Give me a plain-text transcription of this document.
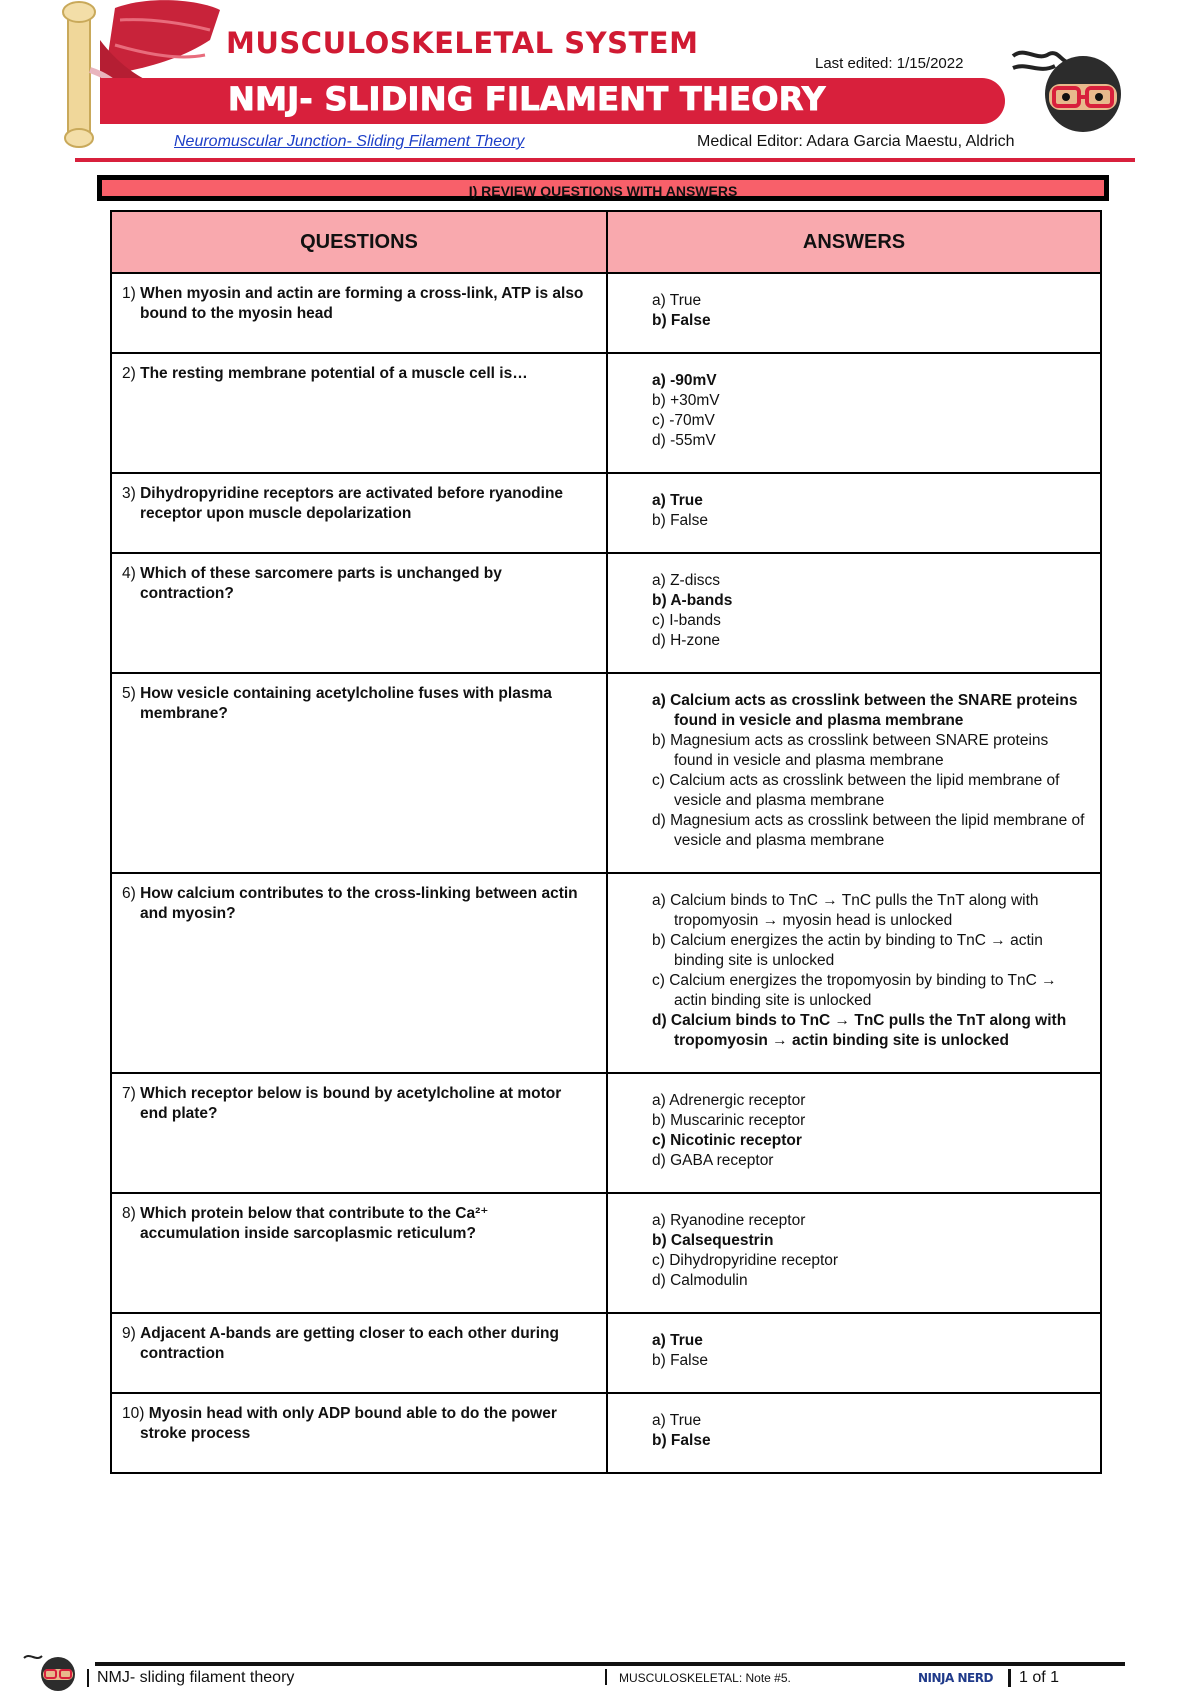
MUSCULOSKELETAL SYSTEM
Last edited: 1/15/2022
NMJ- SLIDING FILAMENT THEORY
Neuromuscular Junction- Sliding Filament Theory	Medical Editor: Adara Garcia Maestu, Aldrich
I) REVIEW QUESTIONS WITH ANSWERS
QUESTIONS	ANSWERS

1) When myosin and actin are forming a cross-link, ATP is also bound to the myosin head	a) True
b) False

2) The resting membrane potential of a muscle cell is…	a) -90mV
b) +30mV
c) -70mV
d) -55mV

3) Dihydropyridine receptors are activated before ryanodine receptor upon muscle depolarization	a) True
b) False

4) Which of these sarcomere parts is unchanged by contraction?	a) Z-discs
b) A-bands
c) I-bands
d) H-zone

5) How vesicle containing acetylcholine fuses with plasma membrane?	a) Calcium acts as crosslink between the SNARE proteins found in vesicle and plasma membrane
b) Magnesium acts as crosslink between SNARE proteins found in vesicle and plasma membrane
c) Calcium acts as crosslink between the lipid membrane of vesicle and plasma membrane
d) Magnesium acts as crosslink between the lipid membrane of vesicle and plasma membrane

6) How calcium contributes to the cross-linking between actin and myosin?	a) Calcium binds to TnC → TnC pulls the TnT along with tropomyosin → myosin head is unlocked
b) Calcium energizes the actin by binding to TnC → actin binding site is unlocked
c) Calcium energizes the tropomyosin by binding to TnC → actin binding site is unlocked
d) Calcium binds to TnC → TnC pulls the TnT along with tropomyosin → actin binding site is unlocked

7) Which receptor below is bound by acetylcholine at motor end plate?	a) Adrenergic receptor
b) Muscarinic receptor
c) Nicotinic receptor
d) GABA receptor

8) Which protein below that contribute to the Ca²⁺ accumulation inside sarcoplasmic reticulum?	a) Ryanodine receptor
b) Calsequestrin
c) Dihydropyridine receptor
d) Calmodulin

9) Adjacent A-bands are getting closer to each other during contraction	a) True
b) False

10) Myosin head with only ADP bound able to do the power stroke process	a) True
b) False
NMJ- sliding filament theory	MUSCULOSKELETAL: Note #5.	NINJA NERD	1 of 1
